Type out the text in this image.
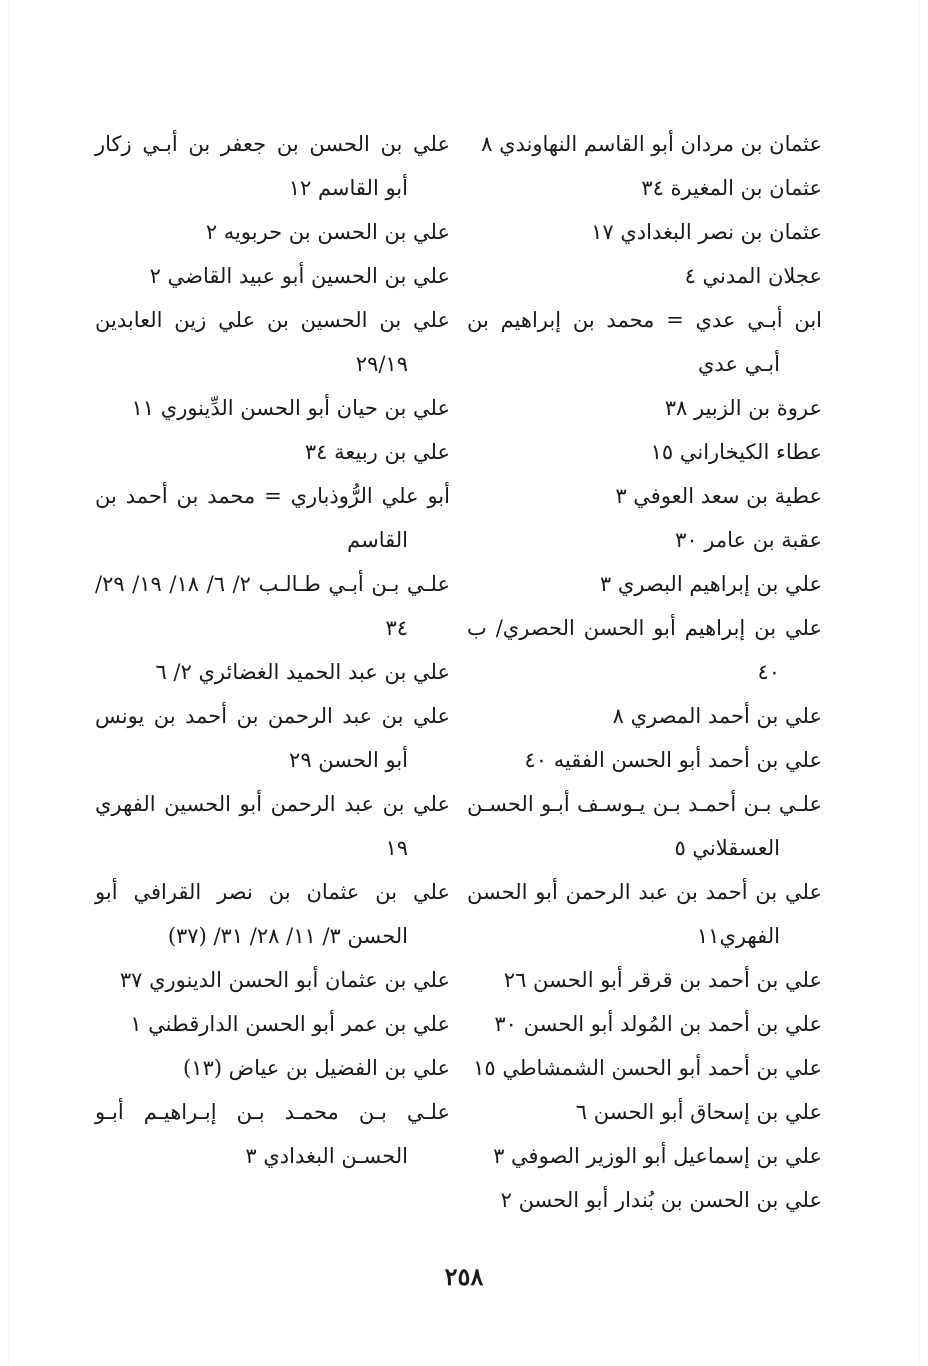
عثمان بن مردان أبو القاسم النهاوندي ٨

عثمان بن المغيرة ٣٤

عثمان بن نصر البغدادي ١٧

عجلان المدني ٤

ابن أبـي عدي = محمد بن إبراهيم بن أبـي عدي

عروة بن الزبير ٣٨

عطاء الكيخاراني ١٥

عطية بن سعد العوفي ٣

عقبة بن عامر ٣٠

علي بن إبراهيم البصري ٣

علي بن إبراهيم أبو الحسن الحصري/ ب ٤٠

علي بن أحمد المصري ٨

علي بن أحمد أبو الحسن الفقيه ٤٠

علـي بـن أحمـد بـن يـوسـف أبـو الحسـن العسقلاني ٥

علي بن أحمد بن عبد الرحمن أبو الحسن الفهري١١

علي بن أحمد بن قرقر أبو الحسن ٢٦

علي بن أحمد بن المُولد أبو الحسن ٣٠

علي بن أحمد أبو الحسن الشمشاطي ١٥

علي بن إسحاق أبو الحسن ٦

علي بن إسماعيل أبو الوزير الصوفي ٣

علي بن الحسن بن بُندار أبو الحسن ٢

علي بن الحسن بن جعفر بن أبـي زكار أبو القاسم ١٢

علي بن الحسن بن حربويه ٢

علي بن الحسين أبو عبيد القاضي ٢

علي بن الحسين بن علي زين العابدين ٢٩/١٩

علي بن حيان أبو الحسن الدِّينوري ١١

علي بن ربيعة ٣٤

أبو علي الرُّوذباري = محمد بن أحمد بن القاسم

علـي بـن أبـي طـالـب ٢/ ٦/ ١٨/ ١٩/ ٢٩/ ٣٤

علي بن عبد الحميد الغضائري ٢/ ٦

علي بن عبد الرحمن بن أحمد بن يونس أبو الحسن ٢٩

علي بن عبد الرحمن أبو الحسين الفهري ١٩

علي بن عثمان بن نصر القرافي أبو الحسن ٣/ ١١/ ٢٨/ ٣١/ (٣٧)

علي بن عثمان أبو الحسن الدينوري ٣٧

علي بن عمر أبو الحسن الدارقطني ١

علي بن الفضيل بن عياض (١٣)

علـي بـن محمـد بـن إبـراهيـم أبـو الحسـن البغدادي ٣

٢٥٨
